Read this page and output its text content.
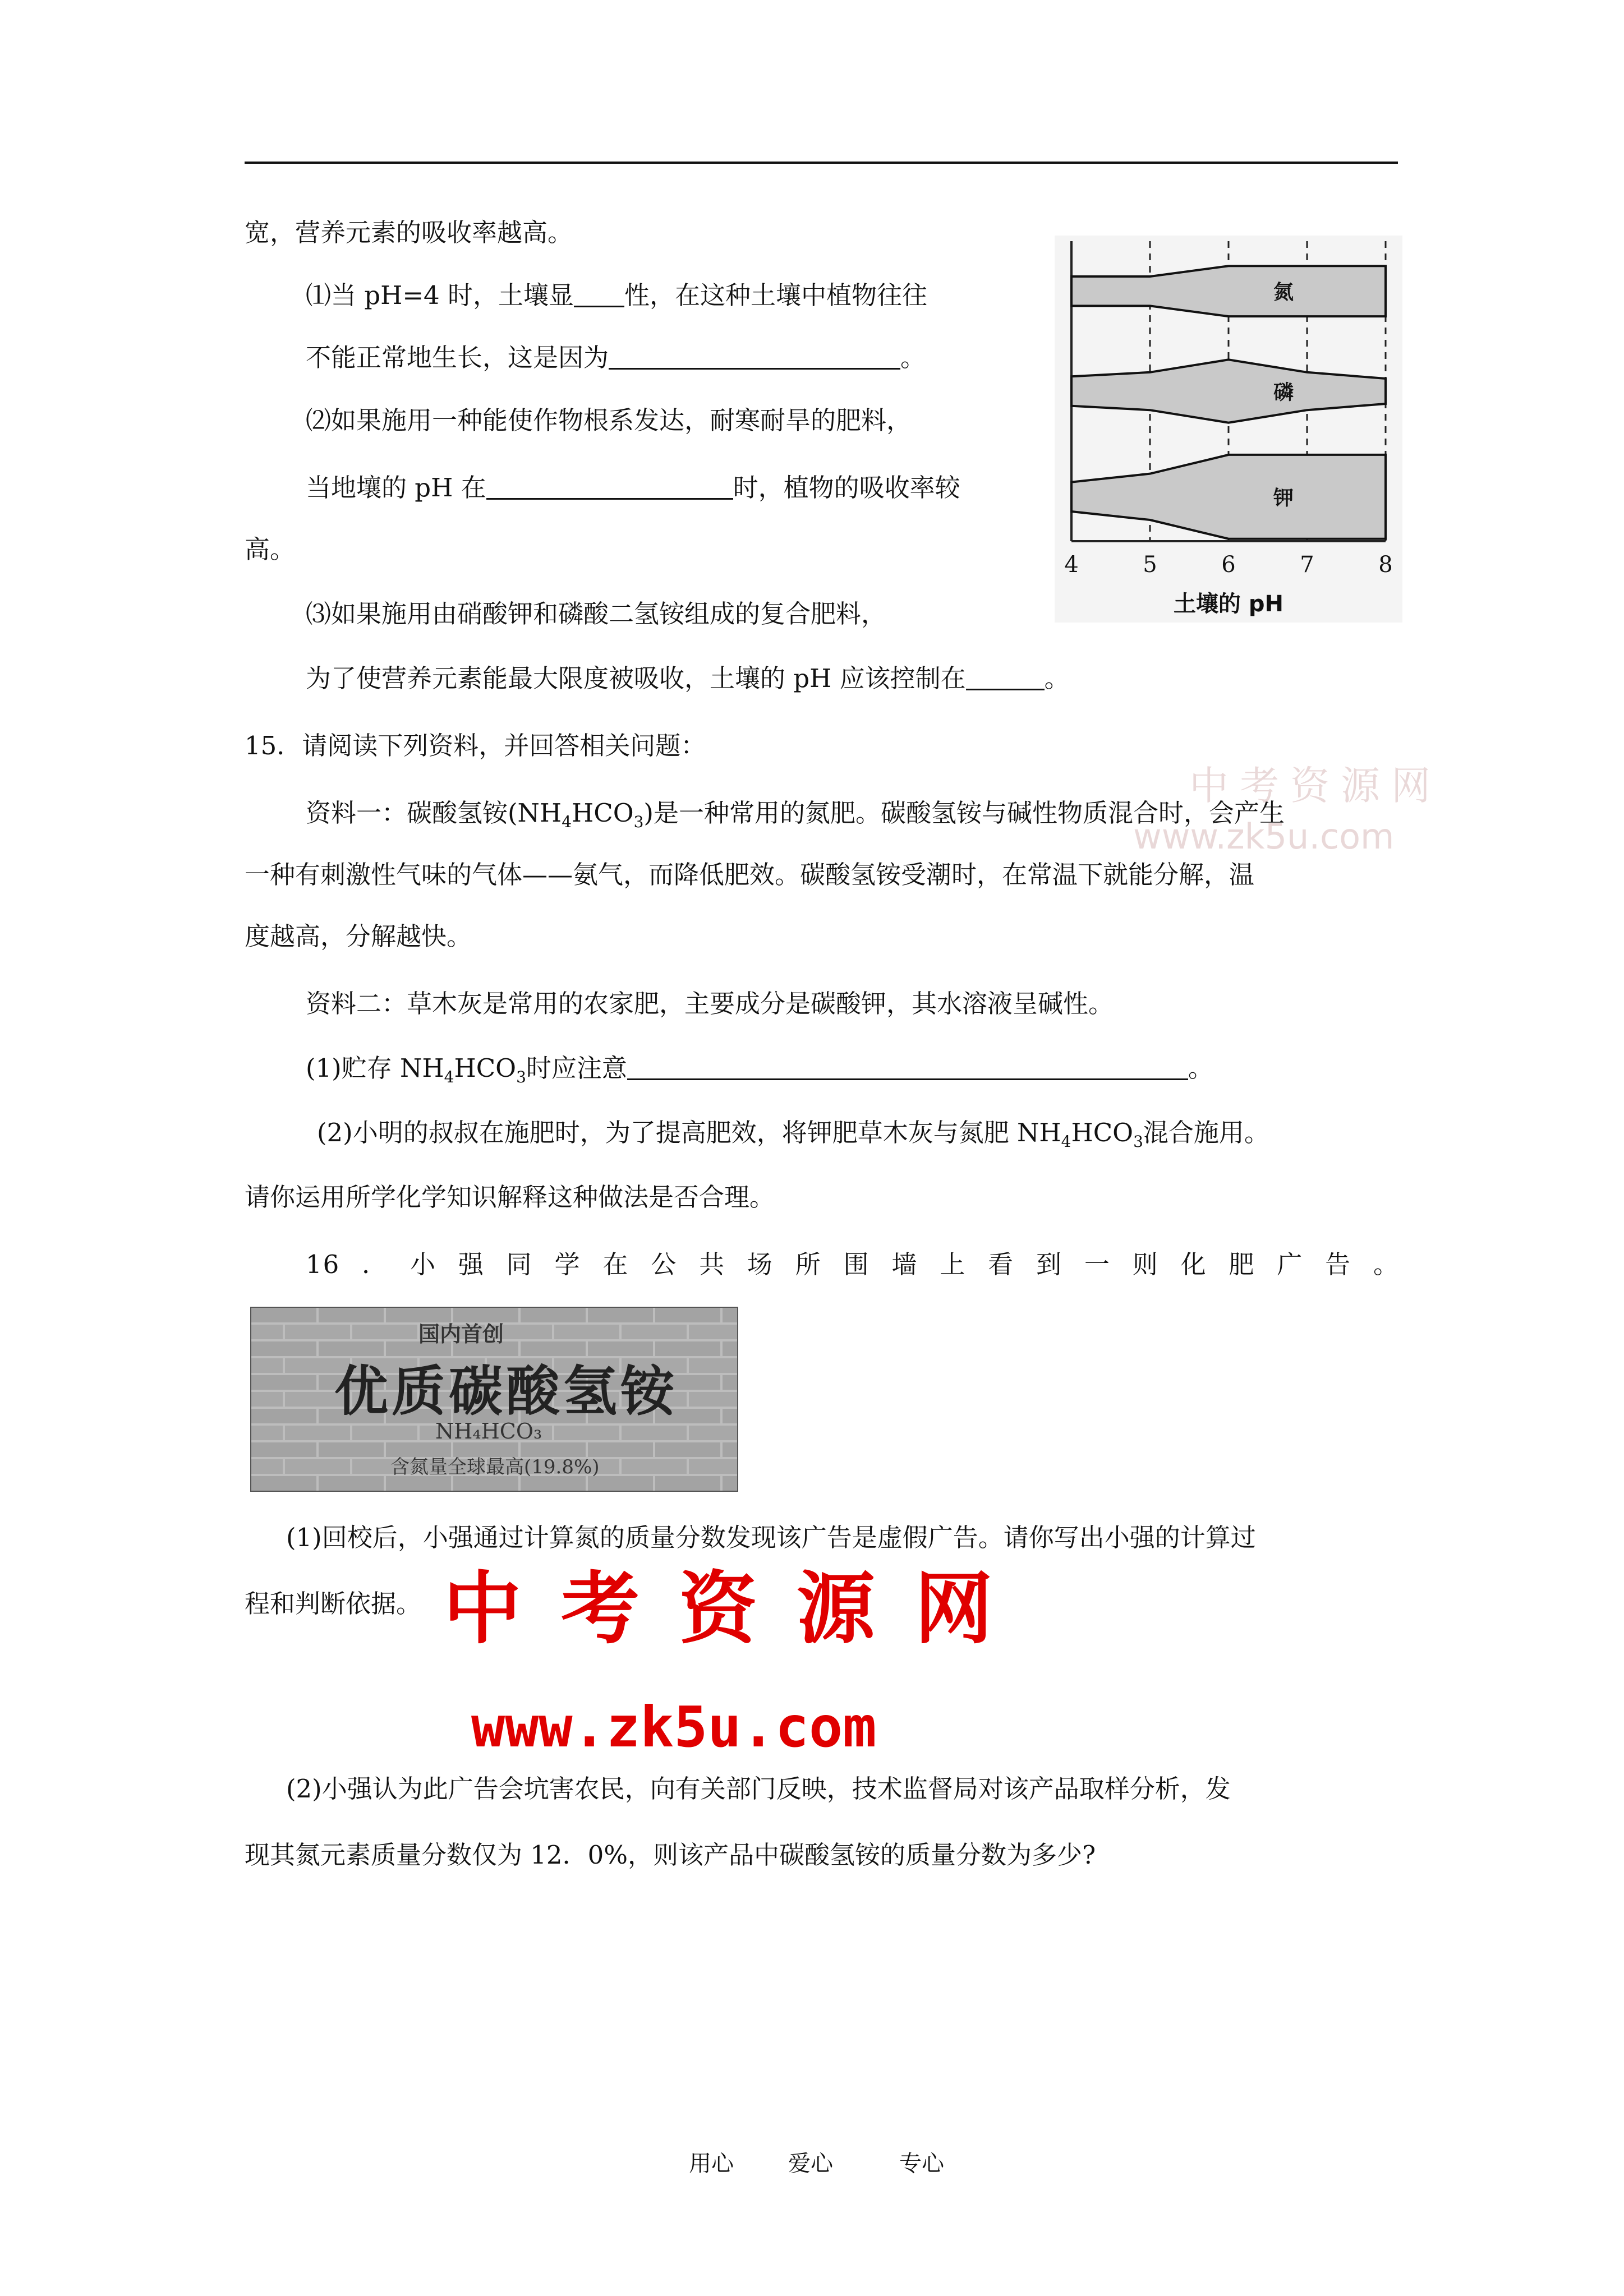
宽，营养元素的吸收率越高。
⑴当 pH=4 时，土壤显 性，在这种土壤中植物往往
不能正常地生长，这是因为	。
⑵如果施用一种能使作物根系发达，耐寒耐旱的肥料，
当地壤的 pH 在	时，植物的吸收率较
高。
⑶如果施用由硝酸钾和磷酸二氢铵组成的复合肥料，
为了使营养元素能最大限度被吸收，土壤的 pH 应该控制在	。
氮
磷
钾
4	5	6	7	8
土壤的 pH
15．请阅读下列资料，并回答相关问题：
资料一：碳酸氢铵$(NH_4HCO_3)$是一种常用的氮肥。碳酸氢铵与碱性物质混合时，会产生
一种有刺激性气味的气体——氨气，而降低肥效。碳酸氢铵受潮时，在常温下就能分解，温
度越高，分解越快。
资料二：草木灰是常用的农家肥，主要成分是碳酸钾，其水溶液呈碱性。
(1)贮存 $NH_4HCO_3$时应注意	。
(2)小明的叔叔在施肥时，为了提高肥效，将钾肥草木灰与氮肥 $NH_4HCO_3$混合施用。
请你运用所学化学知识解释这种做法是否合理。
16．小强同学在公共场所围墙上看到一则化肥广告。
国内首创
优质碳酸氢铵
NH₄HCO₃
含氮量全球最高(19.8%)
(1)回校后，小强通过计算氮的质量分数发现该广告是虚假广告。请你写出小强的计算过
程和判断依据。 中考资源网
www.zk5u.com
中考资源网
www.zk5u.com
(2)小强认为此广告会坑害农民，向有关部门反映，技术监督局对该产品取样分析，发
现其氮元素质量分数仅为 12．0%，则该产品中碳酸氢铵的质量分数为多少?
用心 爱心	专心
